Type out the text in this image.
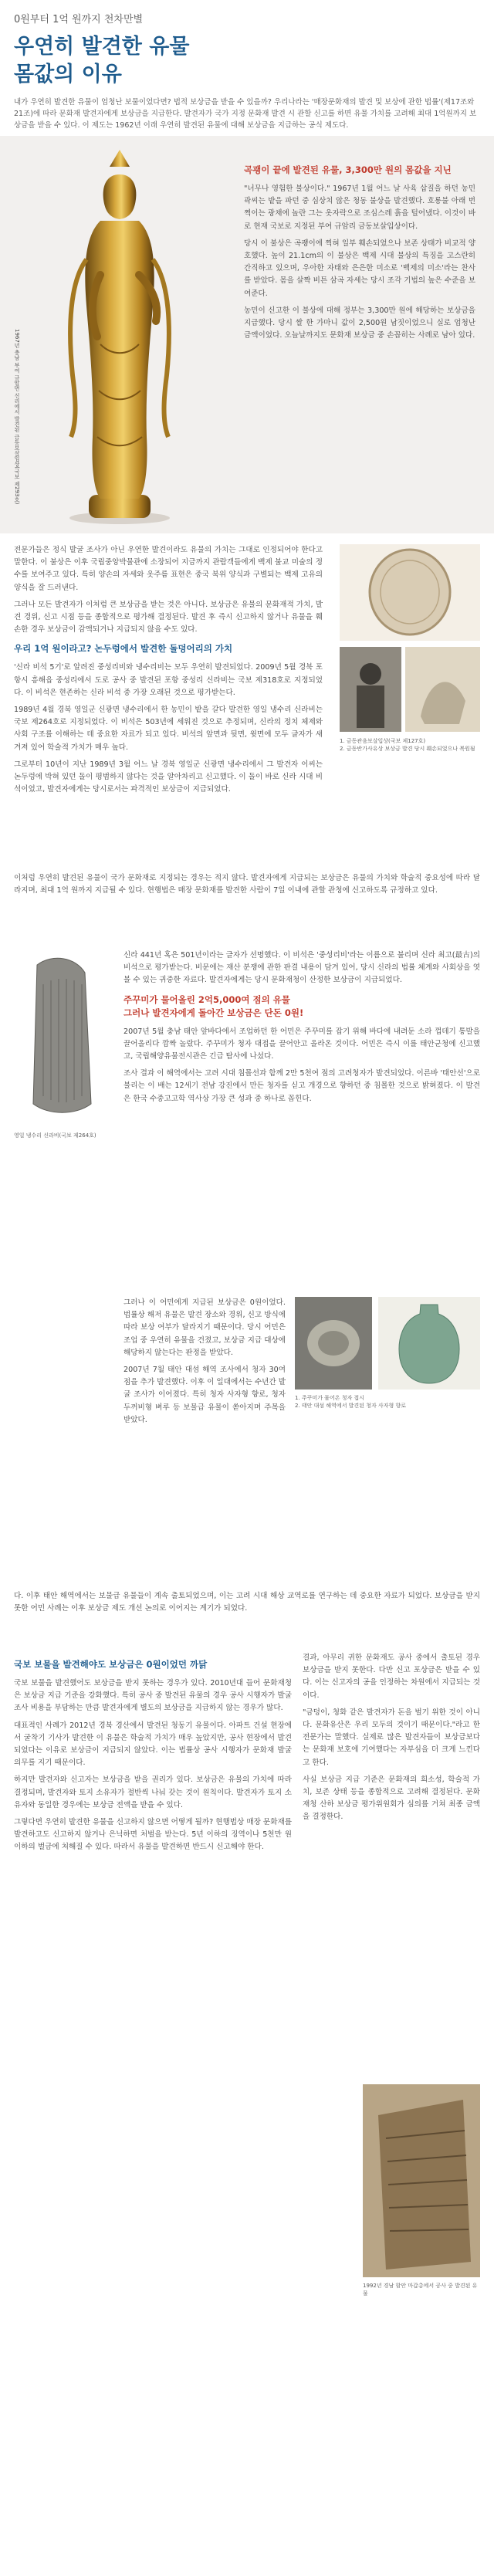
0원부터 1억 원까지 천차만별
우연히 발견한 유물
몸값의 이유
내가 우연히 발견한 유물이 엄청난 보물이었다면? 법적 보상금을 받을 수 있을까? 우리나라는 '매장문화재의 발견 및 보상에 관한 법률'(제17조와 21조)에 따라 문화재 발견자에게 보상금을 지급한다. 발견자가 국가 지정 문화재 발견 시 관할 신고를 하면 유물 가치를 고려해 최대 1억원까지 보상금을 받을 수 있다. 이 제도는 1962년 이래 우연히 발견된 유물에 대해 보상금을 지급하는 공식 제도다.
1967년 충남 부여 규암면 신리에서 발견된 금동보살입상(국보 제293호)
곡괭이 끝에 발견된 유물, 3,300만 원의 몸값을 지닌

"너무나 영험한 불상이다." 1967년 1월 어느 날 사육 삽질을 하던 농민 곽씨는 밭을 파던 중 심상치 않은 청동 불상을 발견했다. 호롱불 아래 번쩍이는 광채에 놀란 그는 옷자락으로 조심스레 흙을 털어냈다. 이것이 바로 현재 국보로 지정된 부여 규암리 금동보살입상이다.

당시 이 불상은 곡괭이에 찍혀 일부 훼손되었으나 보존 상태가 비교적 양호했다. 높이 21.1cm의 이 불상은 백제 시대 불상의 특징을 고스란히 간직하고 있으며, 우아한 자태와 은은한 미소로 '백제의 미소'라는 찬사를 받았다. 몸을 살짝 비튼 삼곡 자세는 당시 조각 기법의 높은 수준을 보여준다.

농민이 신고한 이 불상에 대해 정부는 3,300만 원에 해당하는 보상금을 지급했다. 당시 쌀 한 가마니 값이 2,500원 남짓이었으니 실로 엄청난 금액이었다. 오늘날까지도 문화재 보상금 중 손꼽히는 사례로 남아 있다.

전문가들은 정식 발굴 조사가 아닌 우연한 발견이라도 유물의 가치는 그대로 인정되어야 한다고 말한다. 이 불상은 이후 국립중앙박물관에 소장되어 지금까지 관람객들에게 백제 불교 미술의 정수를 보여주고 있다. 특히 양손의 자세와 옷주름 표현은 중국 북위 양식과 구별되는 백제 고유의 양식을 잘 드러낸다.

그러나 모든 발견자가 이처럼 큰 보상금을 받는 것은 아니다. 보상금은 유물의 문화재적 가치, 발견 경위, 신고 시점 등을 종합적으로 평가해 결정된다. 발견 후 즉시 신고하지 않거나 유물을 훼손한 경우 보상금이 감액되거나 지급되지 않을 수도 있다.

우리 1억 원이라고? 논두렁에서 발견한 돌덩어리의 가치

'신라 비석 5기'로 알려진 중성리비와 냉수리비는 모두 우연히 발견되었다. 2009년 5월 경북 포항시 흥해읍 중성리에서 도로 공사 중 발견된 포항 중성리 신라비는 국보 제318호로 지정되었다. 이 비석은 현존하는 신라 비석 중 가장 오래된 것으로 평가받는다.

1989년 4월 경북 영일군 신광면 냉수리에서 한 농민이 밭을 갈다 발견한 영일 냉수리 신라비는 국보 제264호로 지정되었다. 이 비석은 503년에 세워진 것으로 추정되며, 신라의 정치 체제와 사회 구조를 이해하는 데 중요한 자료가 되고 있다. 비석의 앞면과 뒷면, 윗면에 모두 글자가 새겨져 있어 학술적 가치가 매우 높다.

그로부터 10년이 지난 1989년 3월 어느 날 경북 영일군 신광면 냉수리에서 그 발견자 이씨는 논두렁에 박혀 있던 돌이 평범하지 않다는 것을 알아차리고 신고했다. 이 돌이 바로 신라 시대 비석이었고, 발견자에게는 당시로서는 파격적인 보상금이 지급되었다.

1. 금동관음보살입상(국보 제127호)
2. 금동반가사유상 보상금 발견 당시 훼손되었으나 복원됨

이처럼 우연히 발견된 유물이 국가 문화재로 지정되는 경우는 적지 않다. 발견자에게 지급되는 보상금은 유물의 가치와 학술적 중요성에 따라 달라지며, 최대 1억 원까지 지급될 수 있다. 현행법은 매장 문화재를 발견한 사람이 7일 이내에 관할 관청에 신고하도록 규정하고 있다.

영일 냉수리 신라비(국보 제264호)

신라 441년 혹은 501년이라는 글자가 선명했다. 이 비석은 '중성리비'라는 이름으로 불리며 신라 최고(最古)의 비석으로 평가받는다. 비문에는 재산 분쟁에 관한 판결 내용이 담겨 있어, 당시 신라의 법률 체계와 사회상을 엿볼 수 있는 귀중한 자료다. 발견자에게는 당시 문화재청이 산정한 보상금이 지급되었다.

주꾸미가 물어올린 2억5,000여 점의 유물
그러나 발견자에게 돌아간 보상금은 단돈 0원!

2007년 5월 충남 태안 앞바다에서 조업하던 한 어민은 주꾸미를 잡기 위해 바다에 내려둔 소라 껍데기 통발을 끌어올리다 깜짝 놀랐다. 주꾸미가 청자 대접을 끌어안고 올라온 것이다. 어민은 즉시 이를 태안군청에 신고했고, 국립해양유물전시관은 긴급 탐사에 나섰다.

조사 결과 이 해역에서는 고려 시대 침몰선과 함께 2만 5천여 점의 고려청자가 발견되었다. 이른바 '태안선'으로 불리는 이 배는 12세기 전남 강진에서 만든 청자를 싣고 개경으로 향하던 중 침몰한 것으로 밝혀졌다. 이 발견은 한국 수중고고학 역사상 가장 큰 성과 중 하나로 꼽힌다.

그러나 이 어민에게 지급된 보상금은 0원이었다. 법률상 해저 유물은 발견 장소와 경위, 신고 방식에 따라 보상 여부가 달라지기 때문이다. 당시 어민은 조업 중 우연히 유물을 건졌고, 보상금 지급 대상에 해당하지 않는다는 판정을 받았다.

2007년 7월 태안 대섬 해역 조사에서 청자 30여 점을 추가 발견했다. 이후 이 일대에서는 수년간 발굴 조사가 이어졌다. 특히 청자 사자형 향로, 청자 두꺼비형 벼루 등 보물급 유물이 쏟아지며 주목을 받았다.

1. 주꾸미가 물어온 청자 접시
2. 태안 대섬 해역에서 발견된 청자 사자형 향로

다. 이후 태안 해역에서는 보물급 유물들이 계속 출토되었으며, 이는 고려 시대 해상 교역로를 연구하는 데 중요한 자료가 되었다. 보상금을 받지 못한 어민 사례는 이후 보상금 제도 개선 논의로 이어지는 계기가 되었다.

국보 보물을 발견해야도 보상금은 0원이었던 까닭

국보 보물을 발견했어도 보상금을 받지 못하는 경우가 있다. 2010년대 들어 문화재청은 보상금 지급 기준을 강화했다. 특히 공사 중 발견된 유물의 경우 공사 시행자가 발굴 조사 비용을 부담하는 만큼 발견자에게 별도의 보상금을 지급하지 않는 경우가 많다.

대표적인 사례가 2012년 경북 경산에서 발견된 청동기 유물이다. 아파트 건설 현장에서 굴착기 기사가 발견한 이 유물은 학술적 가치가 매우 높았지만, 공사 현장에서 발견되었다는 이유로 보상금이 지급되지 않았다. 이는 법률상 공사 시행자가 문화재 발굴 의무를 지기 때문이다.

하지만 발견자와 신고자는 보상금을 받을 권리가 있다. 보상금은 유물의 가치에 따라 결정되며, 발견자와 토지 소유자가 절반씩 나눠 갖는 것이 원칙이다. 발견자가 토지 소유자와 동일한 경우에는 보상금 전액을 받을 수 있다.

그렇다면 우연히 발견한 유물을 신고하지 않으면 어떻게 될까? 현행법상 매장 문화재를 발견하고도 신고하지 않거나 은닉하면 처벌을 받는다. 5년 이하의 징역이나 5천만 원 이하의 벌금에 처해질 수 있다. 따라서 유물을 발견하면 반드시 신고해야 한다.

결과, 아무리 귀한 문화재도 공사 중에서 출토된 경우 보상금을 받지 못한다. 다만 신고 포상금은 받을 수 있다. 이는 신고자의 공을 인정하는 차원에서 지급되는 것이다.

"금덩이, 청화 같은 발견자가 돈을 벌기 위한 것이 아니다. 문화유산은 우리 모두의 것이기 때문이다."라고 한 전문가는 말했다. 실제로 많은 발견자들이 보상금보다는 문화재 보호에 기여했다는 자부심을 더 크게 느낀다고 한다.

사실 보상금 지급 기준은 문화재의 희소성, 학술적 가치, 보존 상태 등을 종합적으로 고려해 결정된다. 문화재청 산하 보상금 평가위원회가 심의를 거쳐 최종 금액을 결정한다.

1992년 경남 함안 마갑총에서 공사 중 발견된 유물
